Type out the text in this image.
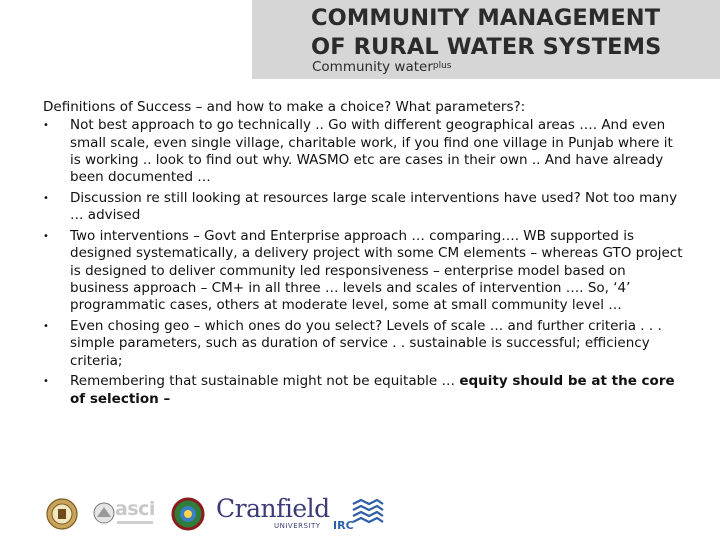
COMMUNITY MANAGEMENT
OF RURAL WATER SYSTEMS
Community water$^{plus}$
Definitions of Success – and how to make a choice? What parameters?:
• Not best approach to go technically .. Go with different geographical areas …. And even small scale, even single village, charitable work, if you find one village in Punjab where it is working .. look to find out why. WASMO etc are cases in their own .. And have already been documented …
• Discussion re still looking at resources large scale interventions have used? Not too many … advised
• Two interventions – Govt and Enterprise approach … comparing…. WB supported is designed systematically, a delivery project with some CM elements – whereas GTO project is designed to deliver community led responsiveness – enterprise model based on business approach – CM+ in all three … levels and scales of intervention …. So, ‘4’ programmatic cases, others at moderate level, some at small community level …
• Even chosing geo – which ones do you select? Levels of scale … and further criteria . . . simple parameters, such as duration of service . . sustainable is successful; efficiency criteria;
• Remembering that sustainable might not be equitable … equity should be at the core of selection –
asci Cranfield
UNIVERSITY IRC
